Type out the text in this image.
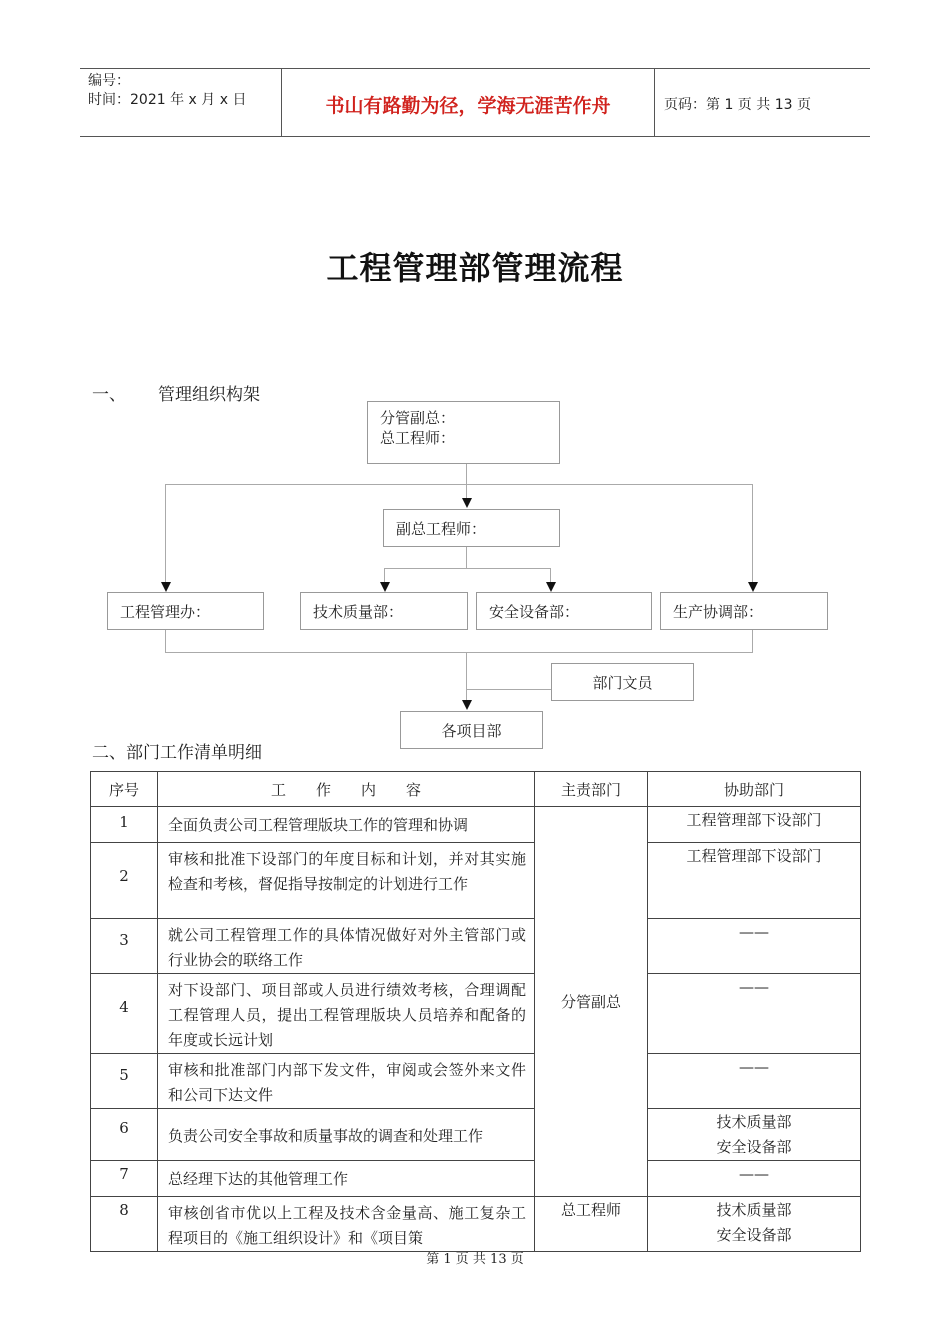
编号：
时间：2021 年 x 月 x 日	书山有路勤为径，学海无涯苦作舟	页码：第 1 页 共 13 页
工程管理部管理流程
一、 管理组织构架
分管副总：
总工程师：
副总工程师：
工程管理办：	技术质量部：	安全设备部：	生产协调部：
部门文员
各项目部
二、部门工作清单明细
序号	工　　作　　内　　容	主责部门	协助部门
1	全面负责公司工程管理版块工作的管理和协调	分管副总	工程管理部下设部门
2	审核和批准下设部门的年度目标和计划，并对其实施检查和考核，督促指导按制定的计划进行工作		工程管理部下设部门
3	就公司工程管理工作的具体情况做好对外主管部门或行业协会的联络工作		——
4	对下设部门、项目部或人员进行绩效考核，合理调配工程管理人员，提出工程管理版块人员培养和配备的年度或长远计划		——
5	审核和批准部门内部下发文件，审阅或会签外来文件和公司下达文件		——
6	负责公司安全事故和质量事故的调查和处理工作		技术质量部
安全设备部

7	总经理下达的其他管理工作		——
8	审核创省市优以上工程及技术含金量高、施工复杂工程项目的《施工组织设计》和《项目策	总工程师	技术质量部
安全设备部
第 1 页 共 13 页
